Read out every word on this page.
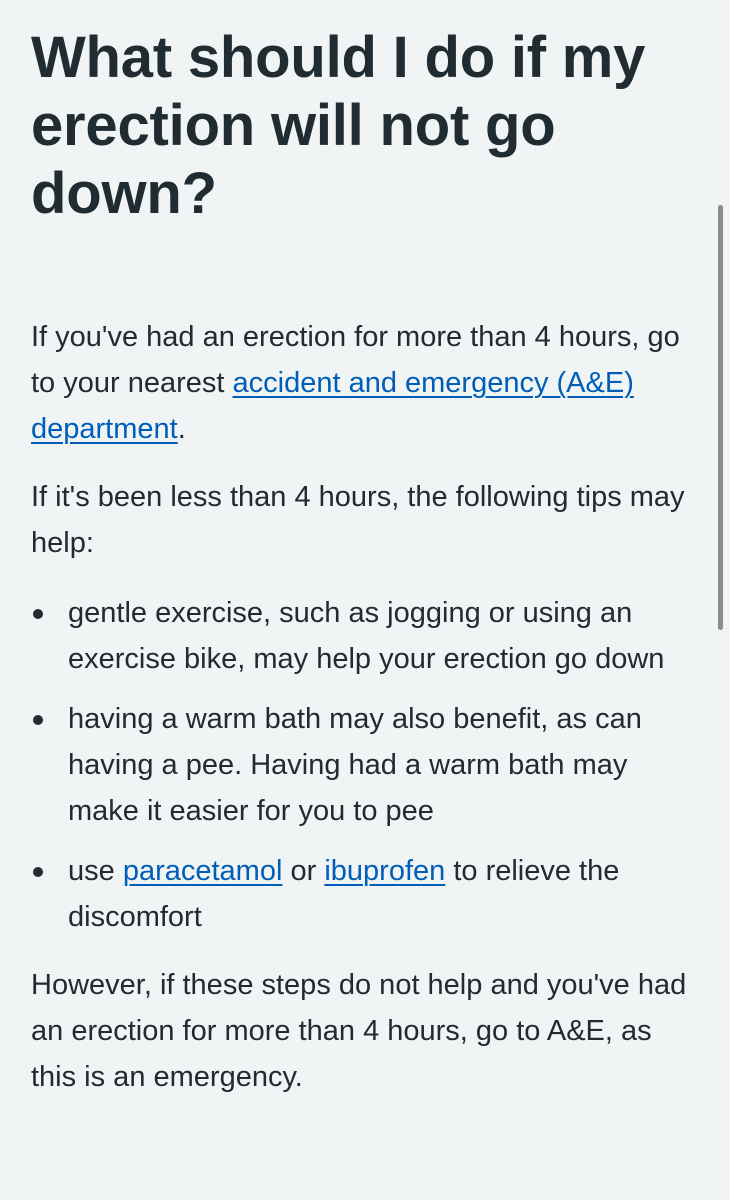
What should I do if my erection will not go down?

If you've had an erection for more than 4 hours, go to your nearest accident and emergency (A&E) department.

If it's been less than 4 hours, the following tips may help:

gentle exercise, such as jogging or using an exercise bike, may help your erection go down
having a warm bath may also benefit, as can having a pee. Having had a warm bath may make it easier for you to pee
use paracetamol or ibuprofen to relieve the discomfort

However, if these steps do not help and you've had an erection for more than 4 hours, go to A&E, as this is an emergency.
